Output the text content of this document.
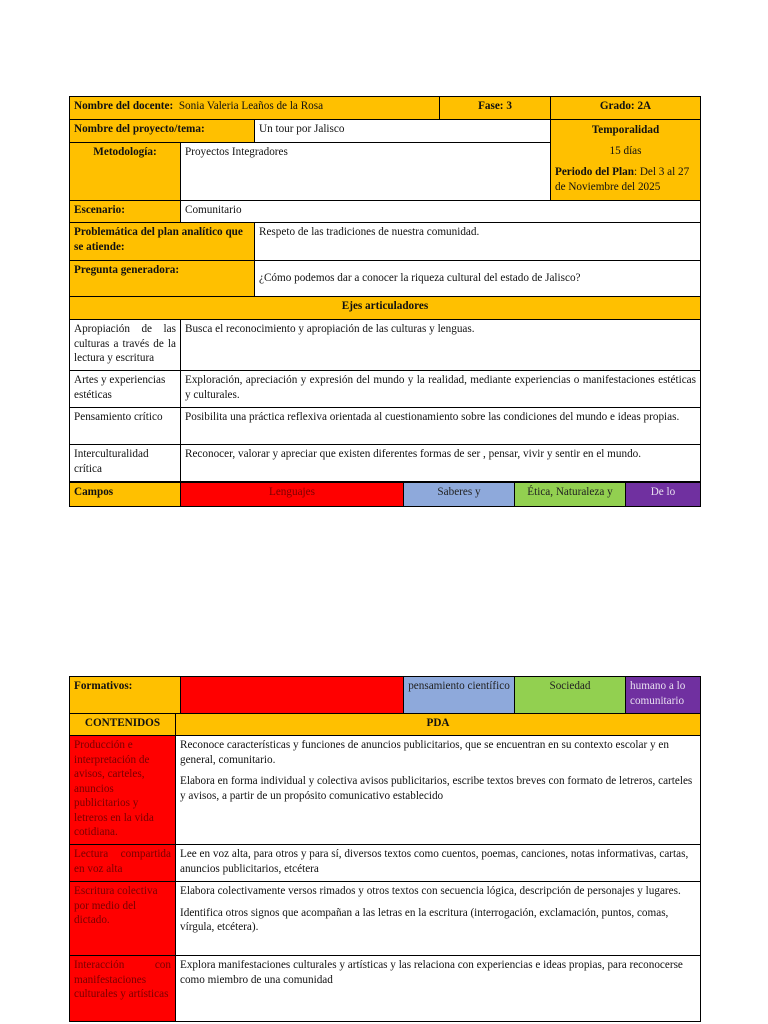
Nombre del docente: Sonia Valeria Leaños de la Rosa			Fase: 3	Grado: 2A
Nombre del proyecto/tema:		Un tour por Jalisco		Temporalidad
15 días
Periodo del Plan: Del 3 al 27 de Noviembre del 2025

Metodología:	Proyectos Integradores			
Escenario:	Comunitario			
Problemática del plan analítico que se atiende:		Respeto de las tradiciones de nuestra comunidad.		
Pregunta generadora:		¿Cómo podemos dar a conocer la riqueza cultural del estado de Jalisco?		
Ejes articuladores				
Apropiación de las culturas a través de la lectura y escritura	Busca el reconocimiento y apropiación de las culturas y lenguas.			
Artes y experiencias estéticas	Exploración, apreciación y expresión del mundo y la realidad, mediante experiencias o manifestaciones estéticas y culturales.			
Pensamiento crítico	Posibilita una práctica reflexiva orientada al cuestionamiento sobre las condiciones del mundo e ideas propias.			
Interculturalidad crítica	Reconocer, valorar y apreciar que existen diferentes formas de ser , pensar, vivir y sentir en el mundo.			
Campos	Lenguajes	Saberes y	Ética, Naturaleza y	De lo
Formativos:		pensamiento científico	Sociedad	humano a lo comunitario
CONTENIDOS	PDA
Producción e interpretación de avisos, carteles, anuncios publicitarios y letreros en la vida cotidiana.	Reconoce características y funciones de anuncios publicitarios, que se encuentran en su contexto escolar y en general, comunitario.

Elabora en forma individual y colectiva avisos publicitarios, escribe textos breves con formato de letreros, carteles y avisos, a partir de un propósito comunicativo establecido

Lectura compartida en voz alta	Lee en voz alta, para otros y para sí, diversos textos como cuentos, poemas, canciones, notas informativas, cartas, anuncios publicitarios, etcétera

Escritura colectiva por medio del dictado.	Elabora colectivamente versos rimados y otros textos con secuencia lógica, descripción de personajes y lugares.

Identifica otros signos que acompañan a las letras en la escritura (interrogación, exclamación, puntos, comas, vírgula, etcétera).

Interacción con manifestaciones culturales y artísticas	Explora manifestaciones culturales y artísticas y las relaciona con experiencias e ideas propias, para reconocerse como miembro de una comunidad
